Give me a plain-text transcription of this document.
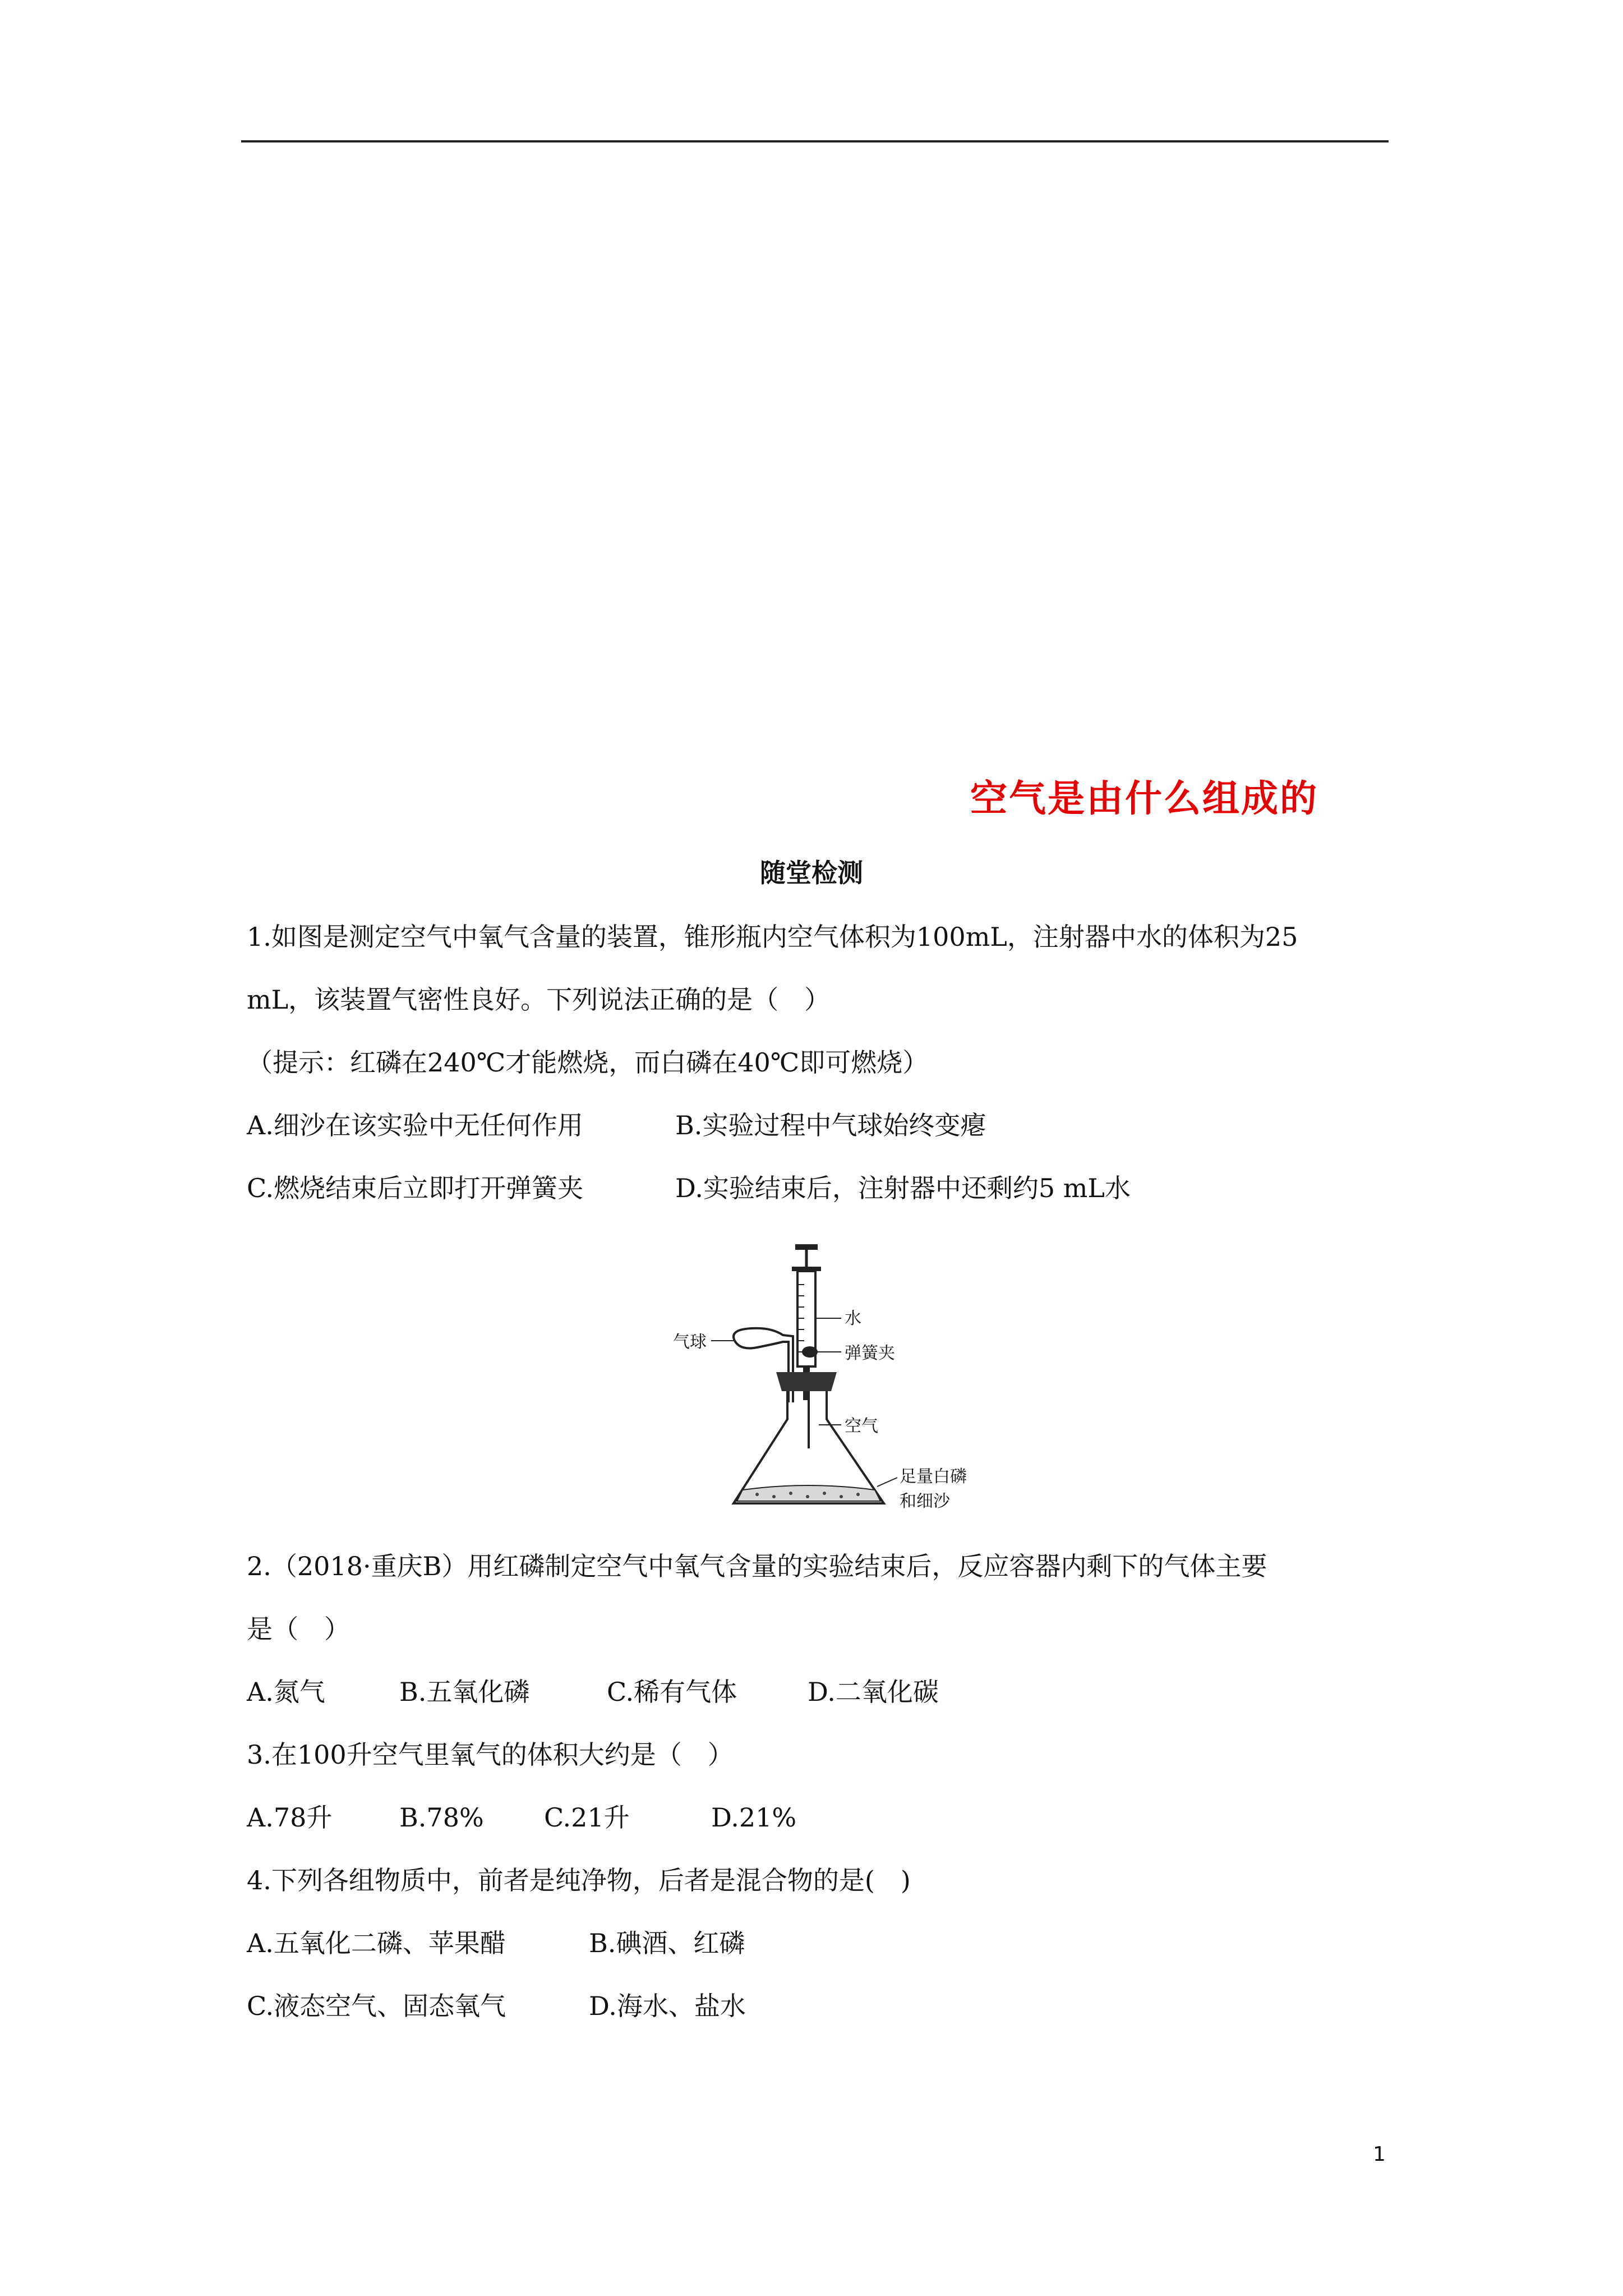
空气是由什么组成的
随堂检测
1.如图是测定空气中氧气含量的装置，锥形瓶内空气体积为100mL，注射器中水的体积为25
mL，该装置气密性良好。下列说法正确的是（　）
（提示：红磷在240℃才能燃烧，而白磷在40℃即可燃烧）

A.细沙在该实验中无任何作用

	B.实验过程中气球始终变瘪

C.燃烧结束后立即打开弹簧夹

	D.实验结束后，注射器中还剩约5 mL水

水
弹簧夹
气球
空气
足量白磷
和细沙
2.（2018·重庆B）用红磷制定空气中氧气含量的实验结束后，反应容器内剩下的气体主要
是（　）

A.氮气

	B.五氧化磷

	C.稀有气体

	D.二氧化碳

3.在100升空气里氧气的体积大约是（　）

A.78升

	B.78%

C.21升

	D.21%

4.下列各组物质中，前者是纯净物，后者是混合物的是(　)

A.五氧化二磷、苹果醋

	B.碘酒、红磷

C.液态空气、固态氧气

	D.海水、盐水

1
